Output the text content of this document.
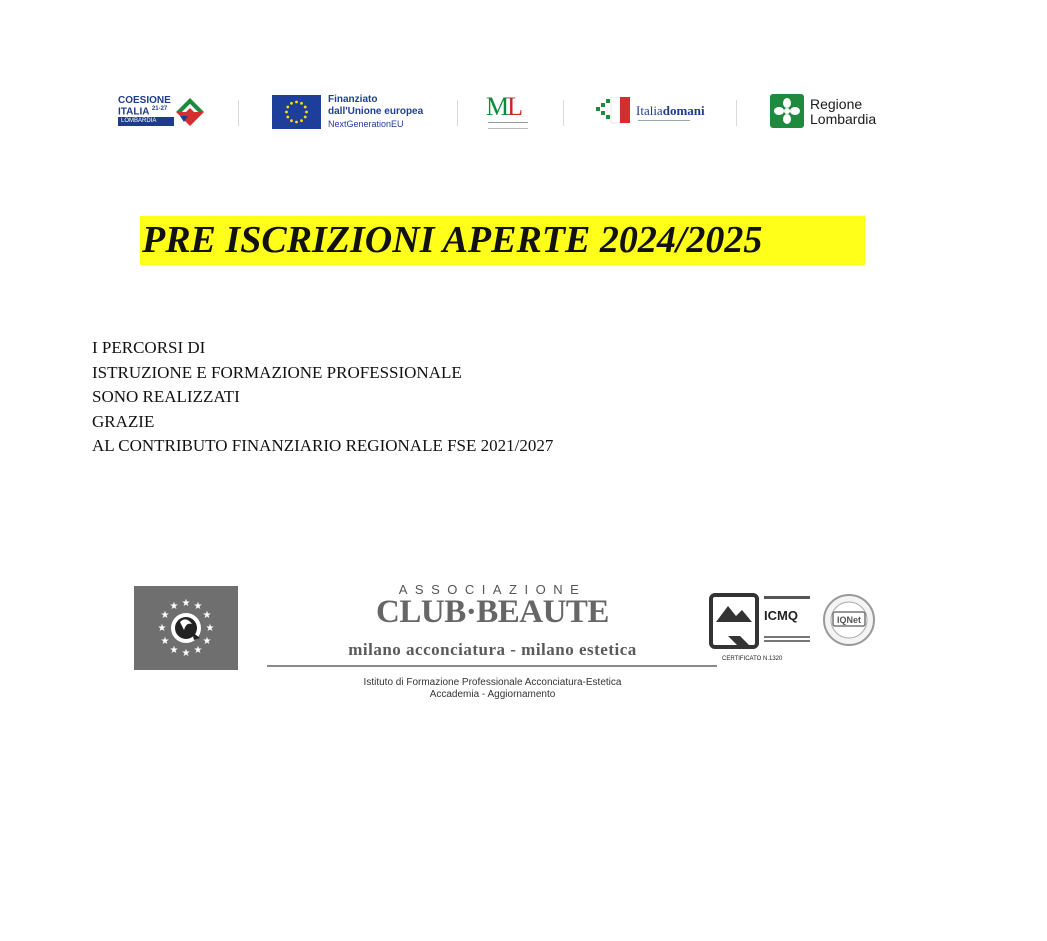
COESIONE
ITALIA $^{21-27}$
LOMBARDIA
Finanziato
dall'Unione europea
NextGenerationEU
ML	Italiadomani	Regione
Lombardia
PRE ISCRIZIONI APERTE 2024/2025
I PERCORSI DI
ISTRUZIONE E FORMAZIONE PROFESSIONALE
SONO REALIZZATI
GRAZIE
AL CONTRIBUTO FINANZIARIO REGIONALE FSE 2021/2027
★ ★
★
★
★
★
★
★
★
★
★
★
ASSOCIAZIONE
CLUB·BEAUTE
milano acconciatura - milano estetica
Istituto di Formazione Professionale Acconciatura-Estetica
Accademia - Aggiornamento
ICMQ
CERTIFICATO N.1320
IQNet
